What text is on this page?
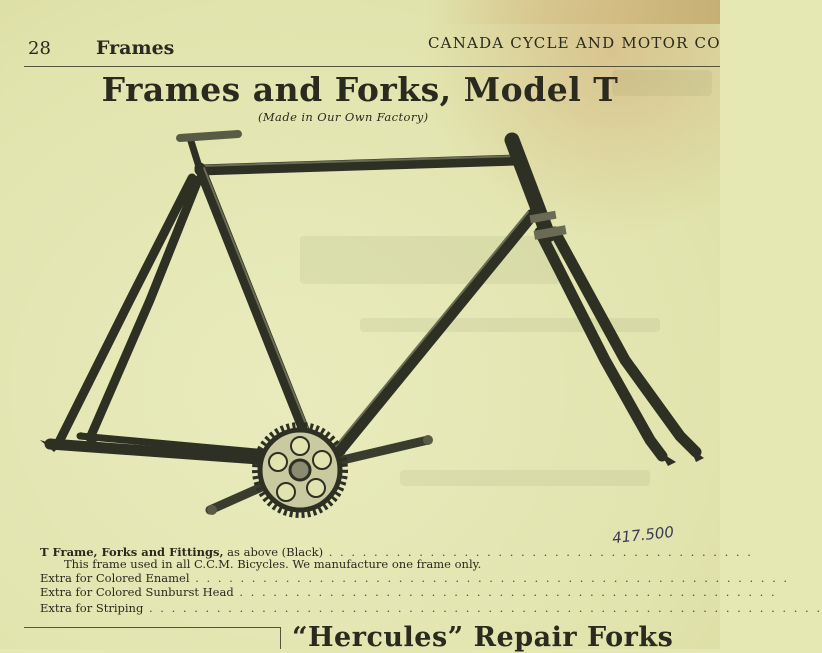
28 Frames	CANADA CYCLE AND MOTOR CO
Frames and Forks, Model T
(Made in Our Own Factory)
417.500
T Frame, Forks and Fittings, as above (Black) . . . . . . . . . . . . . . . . . . . . . . . . . . . . . . . . . . . . . .
This frame used in all C.C.M. Bicycles. We manufacture one frame only.
Extra for Colored Enamel . . . . . . . . . . . . . . . . . . . . . . . . . . . . . . . . . . . . . . . . . . . . . . . . . . . . .
Extra for Colored Sunburst Head . . . . . . . . . . . . . . . . . . . . . . . . . . . . . . . . . . . . . . . . . . . . . . . .
Extra for Striping . . . . . . . . . . . . . . . . . . . . . . . . . . . . . . . . . . . . . . . . . . . . . . . . . . . . . . . . . . . .
“Hercules” Repair Forks
